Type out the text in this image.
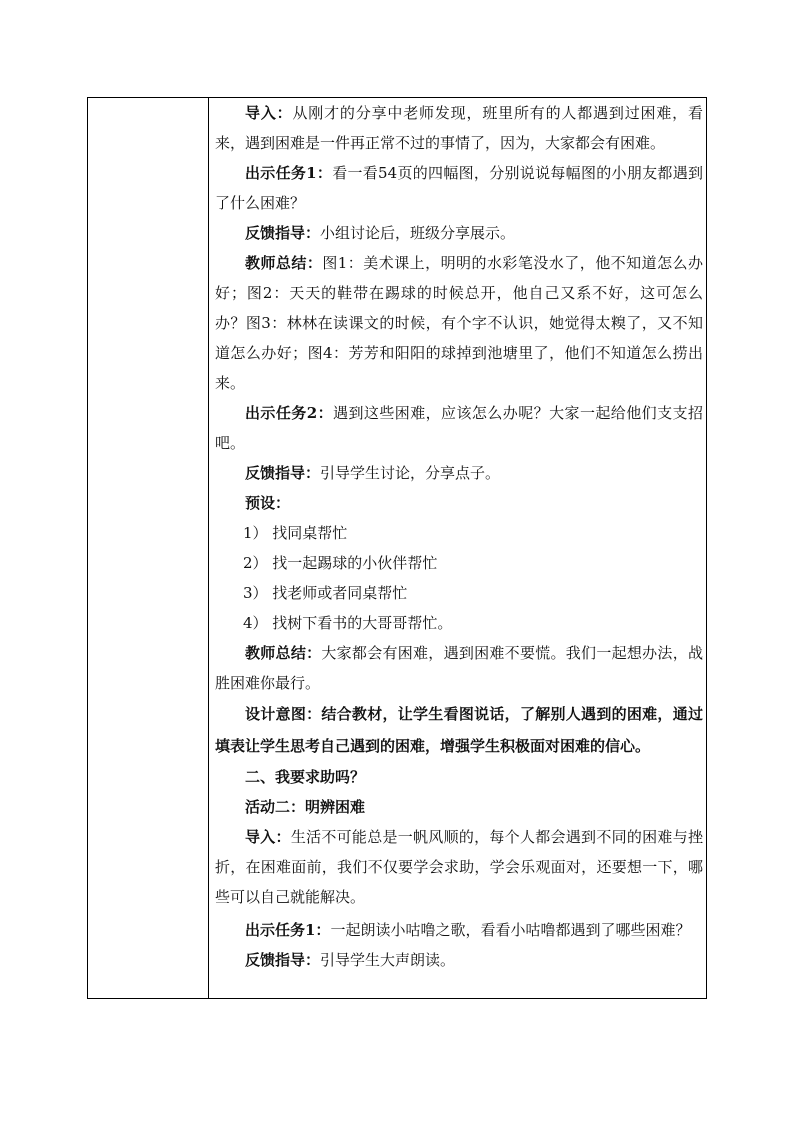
导入：从刚才的分享中老师发现，班里所有的人都遇到过困难，看来，遇到困难是一件再正常不过的事情了，因为，大家都会有困难。

出示任务1：看一看54页的四幅图，分别说说每幅图的小朋友都遇到了什么困难？

反馈指导：小组讨论后，班级分享展示。

教师总结：图1：美术课上，明明的水彩笔没水了，他不知道怎么办好；图2：天天的鞋带在踢球的时候总开，他自己又系不好，这可怎么办？图3：林林在读课文的时候，有个字不认识，她觉得太糗了，又不知道怎么办好；图4：芳芳和阳阳的球掉到池塘里了，他们不知道怎么捞出来。

出示任务2：遇到这些困难，应该怎么办呢？大家一起给他们支支招吧。

反馈指导：引导学生讨论，分享点子。

预设：

1） 找同桌帮忙

2） 找一起踢球的小伙伴帮忙

3） 找老师或者同桌帮忙

4） 找树下看书的大哥哥帮忙。

教师总结：大家都会有困难，遇到困难不要慌。我们一起想办法，战胜困难你最行。

设计意图：结合教材，让学生看图说话，了解别人遇到的困难，通过填表让学生思考自己遇到的困难，增强学生积极面对困难的信心。

二、我要求助吗？

活动二：明辨困难

导入：生活不可能总是一帆风顺的，每个人都会遇到不同的困难与挫折，在困难面前，我们不仅要学会求助，学会乐观面对，还要想一下，哪些可以自己就能解决。

出示任务1：一起朗读小咕噜之歌，看看小咕噜都遇到了哪些困难？

反馈指导：引导学生大声朗读。
